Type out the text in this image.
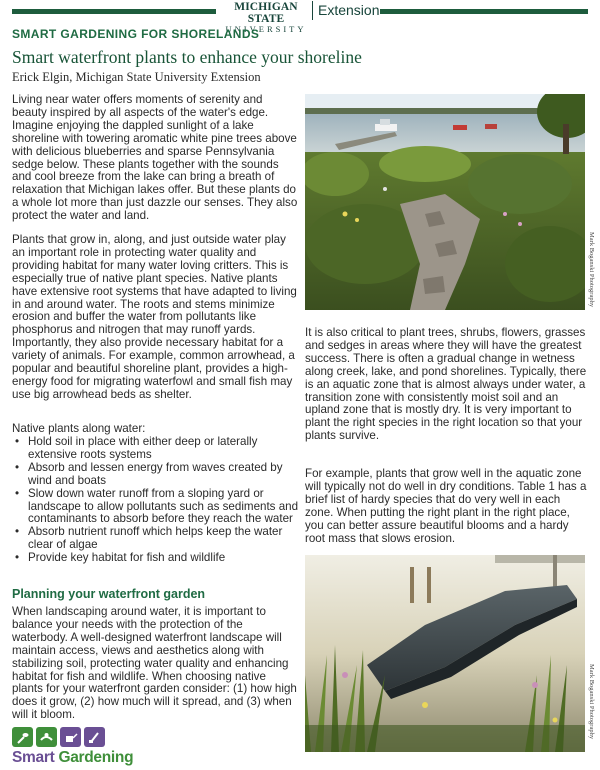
MICHIGAN STATE
UNIVERSITY
Extension
SMART GARDENING FOR SHORELANDS
Smart waterfront plants to enhance your shoreline
Erick Elgin, Michigan State University Extension

Living near water offers moments of serenity and beauty inspired by all aspects of the water's edge. Imagine enjoying the dappled sunlight of a lake shoreline with towering aromatic white pine trees above with delicious blueberries and sparse Pennsylvania sedge below. These plants together with the sounds and cool breeze from the lake can bring a breath of relaxation that Michigan lakes offer. But these plants do a whole lot more than just dazzle our senses. They also protect the water and land.

Plants that grow in, along, and just outside water play an important role in protecting water quality and providing habitat for many water loving critters. This is especially true of native plant species. Native plants have extensive root systems that have adapted to living in and around water. The roots and stems minimize erosion and buffer the water from pollutants like phosphorus and nitrogen that may runoff yards. Importantly, they also provide necessary habitat for a variety of animals. For example, common arrowhead, a popular and beautiful shoreline plant, provides a high-energy food for migrating waterfowl and small fish may use big arrowhead beds as shelter.

Native plants along water:

• Hold soil in place with either deep or laterally extensive roots systems
• Absorb and lessen energy from waves created by wind and boats
• Slow down water runoff from a sloping yard or landscape to allow pollutants such as sediments and contaminants to absorb before they reach the water
• Absorb nutrient runoff which helps keep the water clear of algae
• Provide key habitat for fish and wildlife
Planning your waterfront garden

When landscaping around water, it is important to balance your needs with the protection of the waterbody. A well-designed waterfront landscape will maintain access, views and aesthetics along with stabilizing soil, protecting water quality and enhancing habitat for fish and wildlife. When choosing native plants for your waterfront garden consider: (1) how high does it grow, (2) how much will it spread, and (3) when will it bloom.

It is also critical to plant trees, shrubs, flowers, grasses and sedges in areas where they will have the greatest success. There is often a gradual change in wetness along creek, lake, and pond shorelines. Typically, there is an aquatic zone that is almost always under water, a transition zone with consistently moist soil and an upland zone that is mostly dry. It is very important to plant the right species in the right location so that your plants survive.

For example, plants that grow well in the aquatic zone will typically not do well in dry conditions. Table 1 has a brief list of hardy species that do very well in each zone. When putting the right plant in the right place, you can better assure beautiful blooms and a hardy root mass that slows erosion.

Mark Boganski Photography
Mark Boganski Photography
Smart Gardening
